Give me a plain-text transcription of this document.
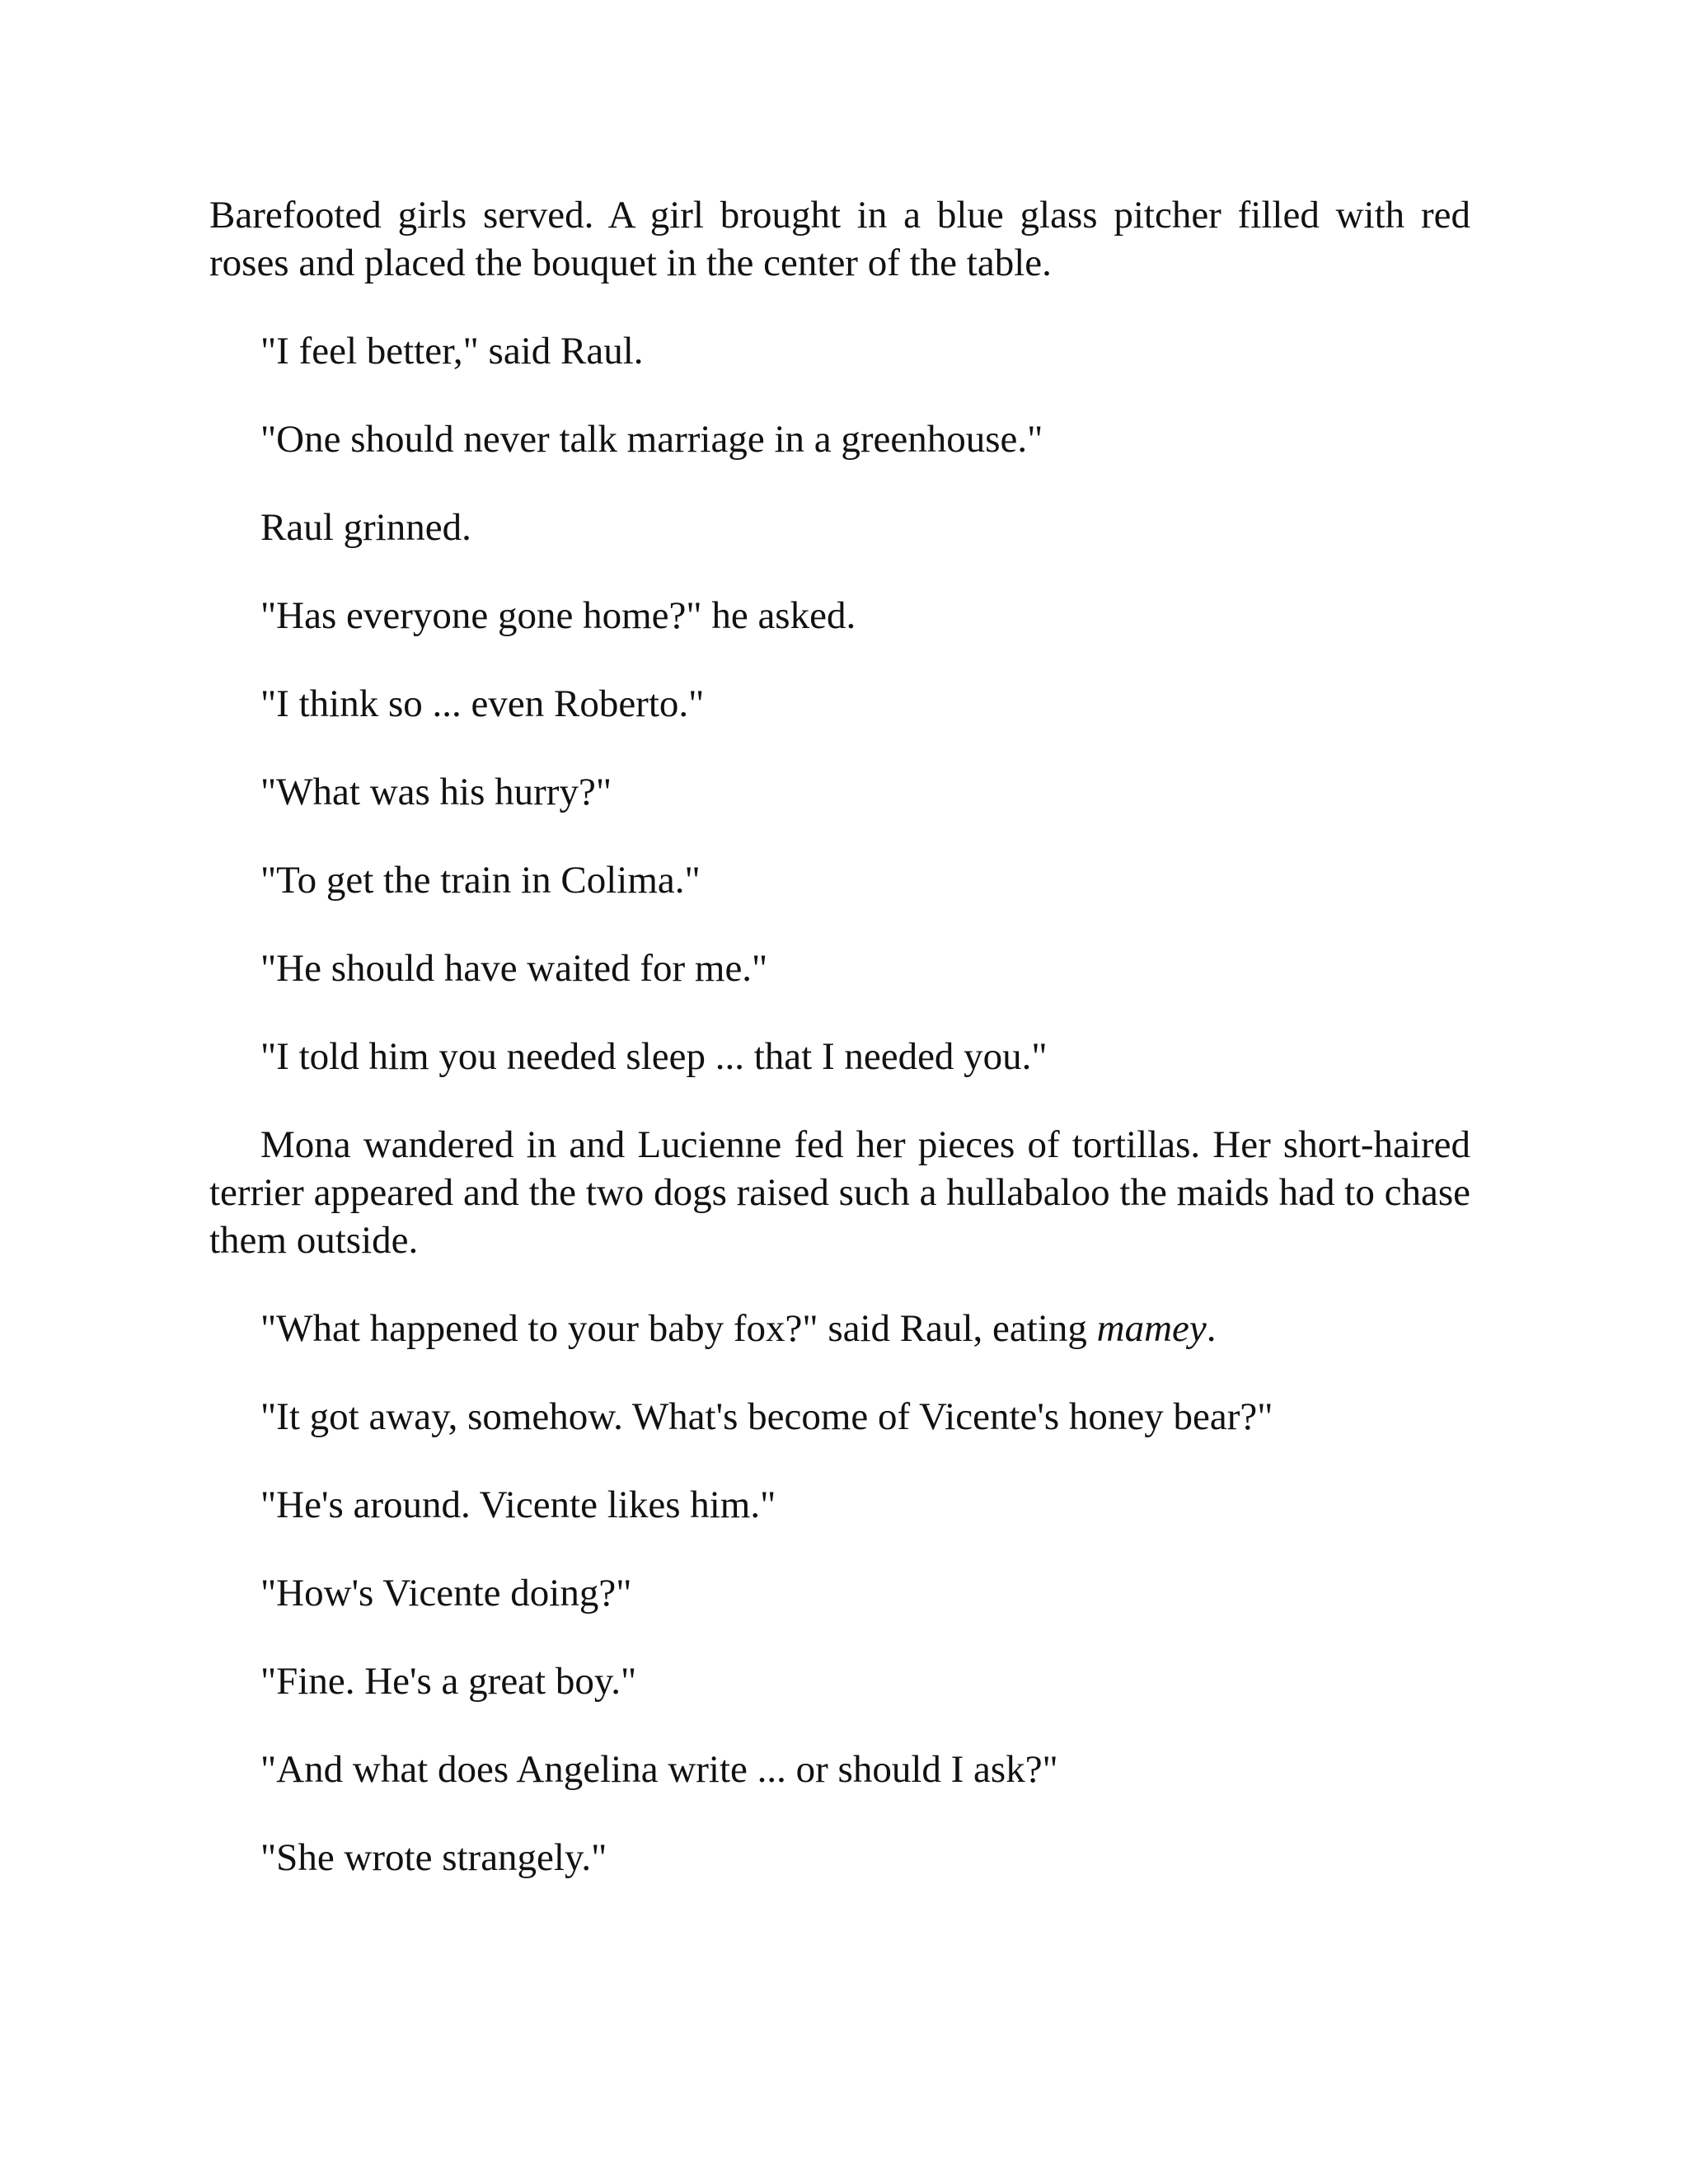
Barefooted girls served. A girl brought in a blue glass pitcher filled with red roses and placed the bouquet in the center of the table.

"I feel better," said Raul.

"One should never talk marriage in a greenhouse."

Raul grinned.

"Has everyone gone home?" he asked.

"I think so ... even Roberto."

"What was his hurry?"

"To get the train in Colima."

"He should have waited for me."

"I told him you needed sleep ... that I needed you."

Mona wandered in and Lucienne fed her pieces of tortillas. Her short-haired terrier appeared and the two dogs raised such a hullabaloo the maids had to chase them outside.

"What happened to your baby fox?" said Raul, eating mamey.

"It got away, somehow. What's become of Vicente's honey bear?"

"He's around. Vicente likes him."

"How's Vicente doing?"

"Fine. He's a great boy."

"And what does Angelina write ... or should I ask?"

"She wrote strangely."
